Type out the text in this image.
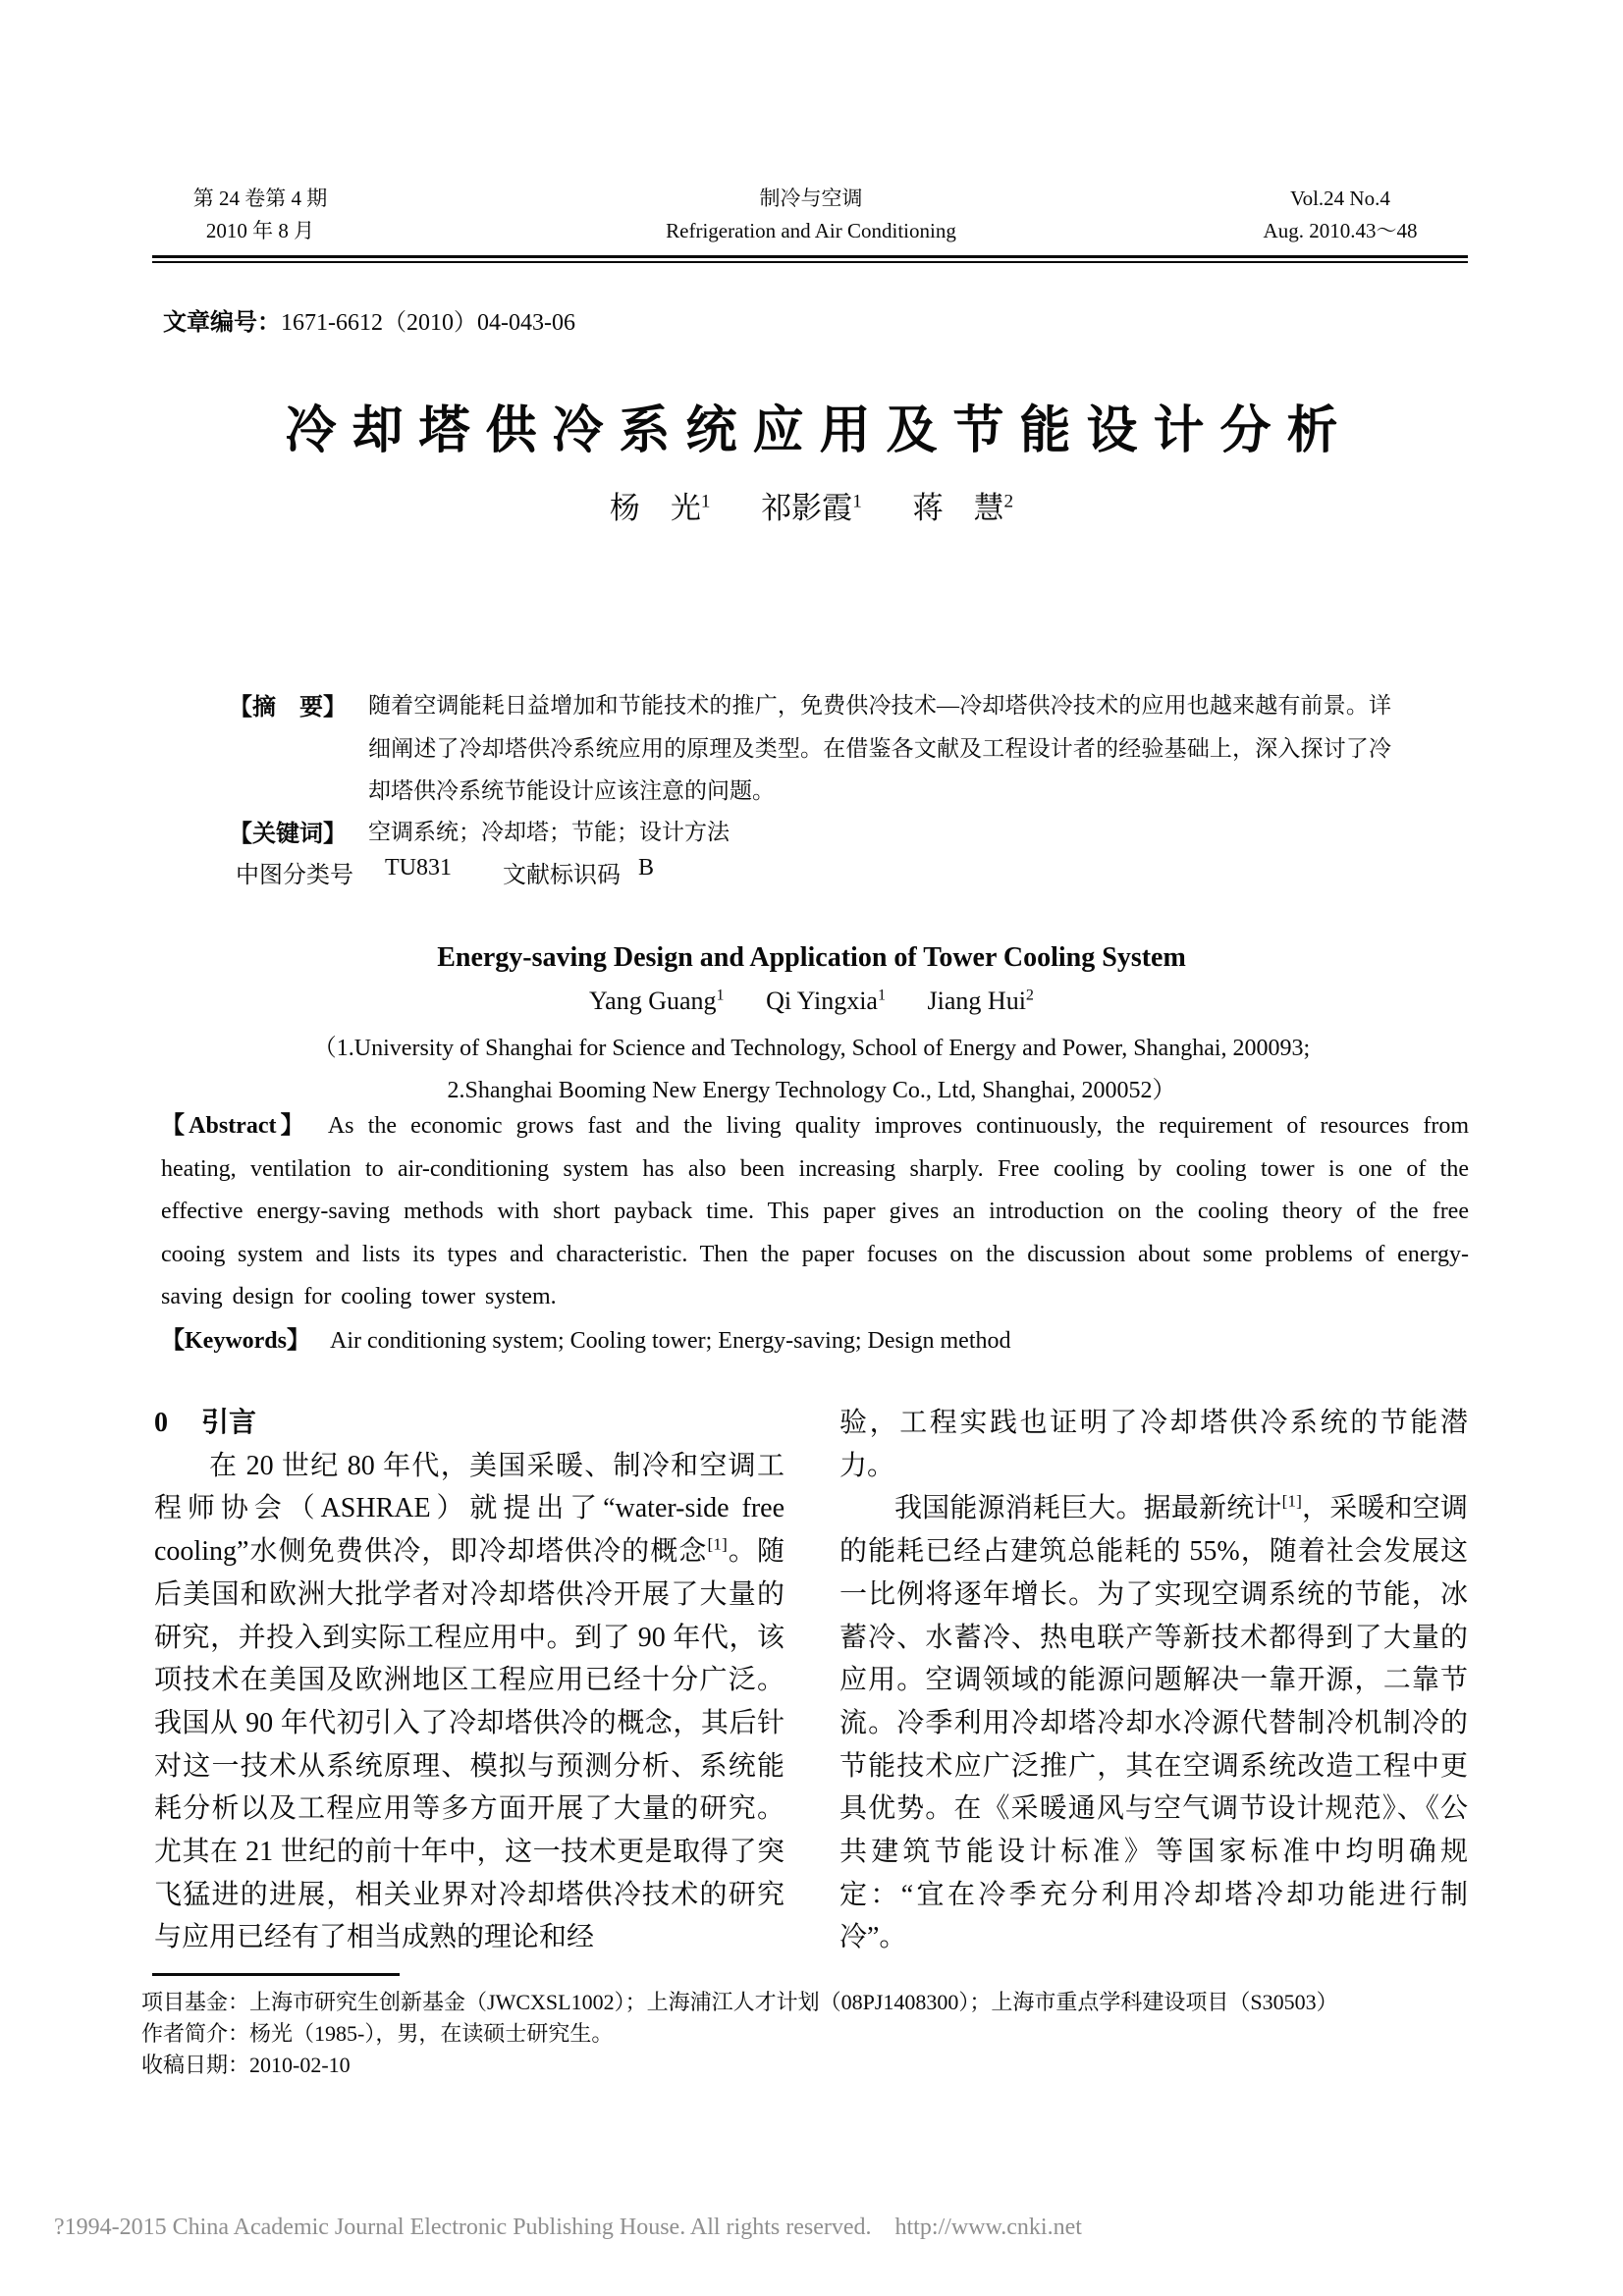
第 24 卷第 4 期
2010 年 8 月
制冷与空调
Refrigeration and Air Conditioning
Vol.24 No.4
Aug. 2010.43～48
文章编号：1671-6612（2010）04-043-06
冷却塔供冷系统应用及节能设计分析
杨　光$^1$ 祁影霞$^1$ 蒋　慧$^2$
【摘　要】 随着空调能耗日益增加和节能技术的推广，免费供冷技术—冷却塔供冷技术的应用也越来越有前景。详细阐述了冷却塔供冷系统应用的原理及类型。在借鉴各文献及工程设计者的经验基础上，深入探讨了冷却塔供冷系统节能设计应该注意的问题。
【关键词】 空调系统；冷却塔；节能；设计方法
中图分类号 TU831 文献标识码 B
Energy-saving Design and Application of Tower Cooling System
Yang Guang$^1$ Qi Yingxia$^1$ Jiang Hui$^2$
（1.University of Shanghai for Science and Technology, School of Energy and Power, Shanghai, 200093;
2.Shanghai Booming New Energy Technology Co., Ltd, Shanghai, 200052）
【Abstract】 As the economic grows fast and the living quality improves continuously, the requirement of resources from heating, ventilation to air-conditioning system has also been increasing sharply. Free cooling by cooling tower is one of the effective energy-saving methods with short payback time. This paper gives an introduction on the cooling theory of the free cooing system and lists its types and characteristic. Then the paper focuses on the discussion about some problems of energy-saving design for cooling tower system.
【Keywords】 Air conditioning system; Cooling tower; Energy-saving; Design method
0 引言

在 20 世纪 80 年代，美国采暖、制冷和空调工程师协会（ASHRAE）就提出了“water-side free cooling”水侧免费供冷，即冷却塔供冷的概念[1]。随后美国和欧洲大批学者对冷却塔供冷开展了大量的研究，并投入到实际工程应用中。到了 90 年代，该项技术在美国及欧洲地区工程应用已经十分广泛。我国从 90 年代初引入了冷却塔供冷的概念，其后针对这一技术从系统原理、模拟与预测分析、系统能耗分析以及工程应用等多方面开展了大量的研究。尤其在 21 世纪的前十年中，这一技术更是取得了突飞猛进的进展，相关业界对冷却塔供冷技术的研究与应用已经有了相当成熟的理论和经

验，工程实践也证明了冷却塔供冷系统的节能潜力。

我国能源消耗巨大。据最新统计[1]，采暖和空调的能耗已经占建筑总能耗的 55%，随着社会发展这一比例将逐年增长。为了实现空调系统的节能，冰蓄冷、水蓄冷、热电联产等新技术都得到了大量的应用。空调领域的能源问题解决一靠开源，二靠节流。冷季利用冷却塔冷却水冷源代替制冷机制冷的节能技术应广泛推广，其在空调系统改造工程中更具优势。在《采暖通风与空气调节设计规范》、《公共建筑节能设计标准》等国家标准中均明确规定：“宜在冷季充分利用冷却塔冷却功能进行制冷”。

项目基金：上海市研究生创新基金（JWCXSL1002）；上海浦江人才计划（08PJ1408300）；上海市重点学科建设项目（S30503）
作者简介：杨光（1985-），男，在读硕士研究生。
收稿日期：2010-02-10
?1994-2015 China Academic Journal Electronic Publishing House. All rights reserved.    http://www.cnki.net
